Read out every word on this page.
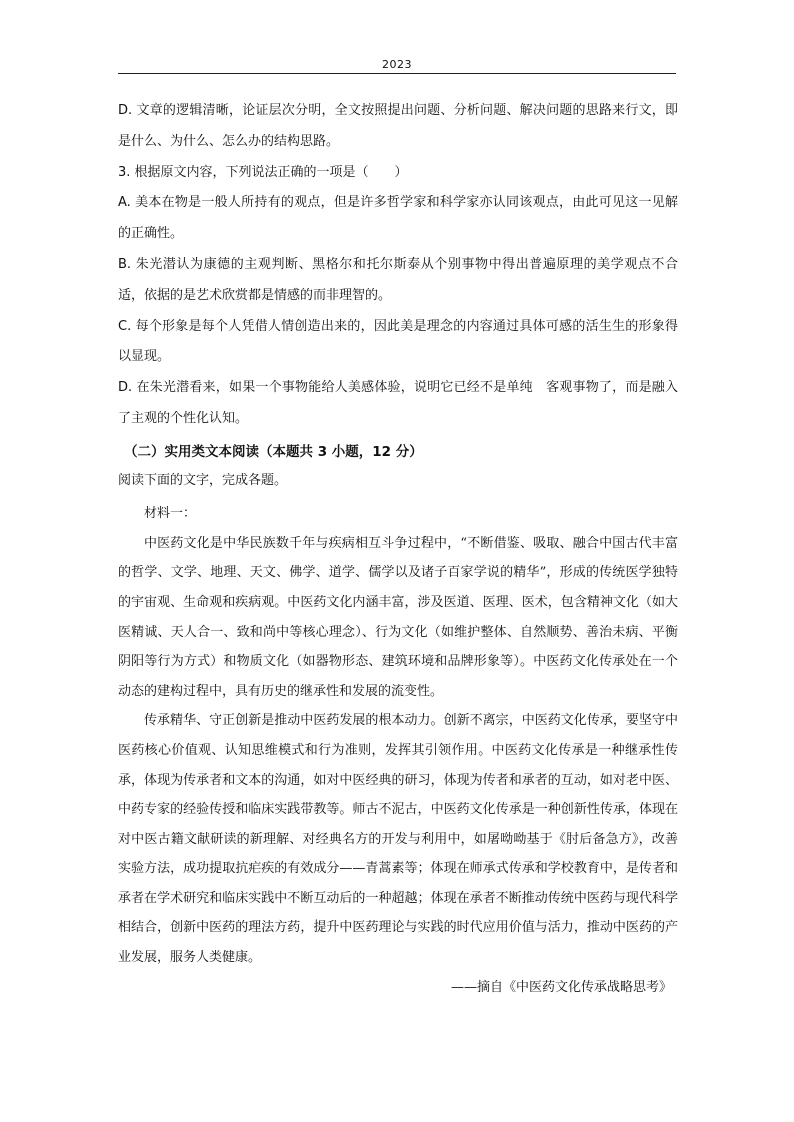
2023

D. 文章的逻辑清晰，论证层次分明，全文按照提出问题、分析问题、解决问题的思路来行文，即是什么、为什么、怎么办的结构思路。

3. 根据原文内容，下列说法正确的一项是（　　）

A. 美本在物是一般人所持有的观点，但是许多哲学家和科学家亦认同该观点，由此可见这一见解的正确性。

B. 朱光潜认为康德的主观判断、黑格尔和托尔斯泰从个别事物中得出普遍原理的美学观点不合适，依据的是艺术欣赏都是情感的而非理智的。

C. 每个形象是每个人凭借人情创造出来的，因此美是理念的内容通过具体可感的活生生的形象得以显现。

D. 在朱光潜看来，如果一个事物能给人美感体验，说明它已经不是单纯　客观事物了，而是融入了主观的个性化认知。

（二）实用类文本阅读（本题共 3 小题，12 分）

阅读下面的文字，完成各题。

材料一：

中医药文化是中华民族数千年与疾病相互斗争过程中，“不断借鉴、吸取、融合中国古代丰富的哲学、文学、地理、天文、佛学、道学、儒学以及诸子百家学说的精华”，形成的传统医学独特的宇宙观、生命观和疾病观。中医药文化内涵丰富，涉及医道、医理、医术，包含精神文化（如大医精诚、天人合一、致和尚中等核心理念）、行为文化（如维护整体、自然顺势、善治未病、平衡阴阳等行为方式）和物质文化（如器物形态、建筑环境和品牌形象等）。中医药文化传承处在一个动态的建构过程中，具有历史的继承性和发展的流变性。

传承精华、守正创新是推动中医药发展的根本动力。创新不离宗，中医药文化传承，要坚守中医药核心价值观、认知思维模式和行为准则，发挥其引领作用。中医药文化传承是一种继承性传承，体现为传承者和文本的沟通，如对中医经典的研习，体现为传者和承者的互动，如对老中医、中药专家的经验传授和临床实践带教等。师古不泥古，中医药文化传承是一种创新性传承，体现在对中医古籍文献研读的新理解、对经典名方的开发与利用中，如屠呦呦基于《肘后备急方》，改善实验方法，成功提取抗疟疾的有效成分——青蒿素等；体现在师承式传承和学校教育中，是传者和承者在学术研究和临床实践中不断互动后的一种超越；体现在承者不断推动传统中医药与现代科学相结合，创新中医药的理法方药，提升中医药理论与实践的时代应用价值与活力，推动中医药的产业发展，服务人类健康。

——摘自《中医药文化传承战略思考》
